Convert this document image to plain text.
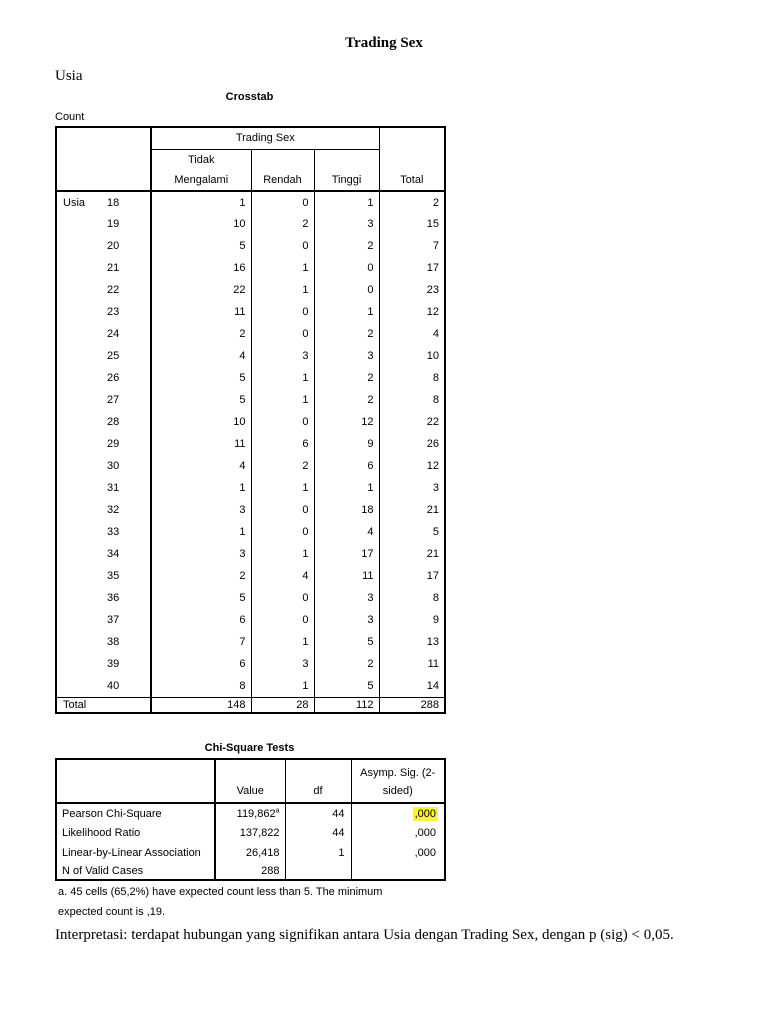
Trading Sex
Usia
Crosstab
Count
		Trading Sex			Total
		Tidak
Mengalami	Rendah	Tinggi	
Usia	18	1	0	1	2
	19	10	2	3	15
	20	5	0	2	7
	21	16	1	0	17
	22	22	1	0	23
	23	11	0	1	12
	24	2	0	2	4
	25	4	3	3	10
	26	5	1	2	8
	27	5	1	2	8
	28	10	0	12	22
	29	11	6	9	26
	30	4	2	6	12
	31	1	1	1	3
	32	3	0	18	21
	33	1	0	4	5
	34	3	1	17	21
	35	2	4	11	17
	36	5	0	3	8
	37	6	0	3	9
	38	7	1	5	13
	39	6	3	2	11
	40	8	1	5	14
Total		148	28	112	288
Chi-Square Tests
	Value	df	Asymp. Sig. (2-
sided)
Pearson Chi-Square	119,862$^a$	44	,000
Likelihood Ratio	137,822	44	,000
Linear-by-Linear Association	26,418	1	,000
N of Valid Cases	288		
a. 45 cells (65,2%) have expected count less than 5. The minimum
expected count is ,19.
Interpretasi: terdapat hubungan yang signifikan antara Usia dengan Trading Sex, dengan p (sig) < 0,05.
